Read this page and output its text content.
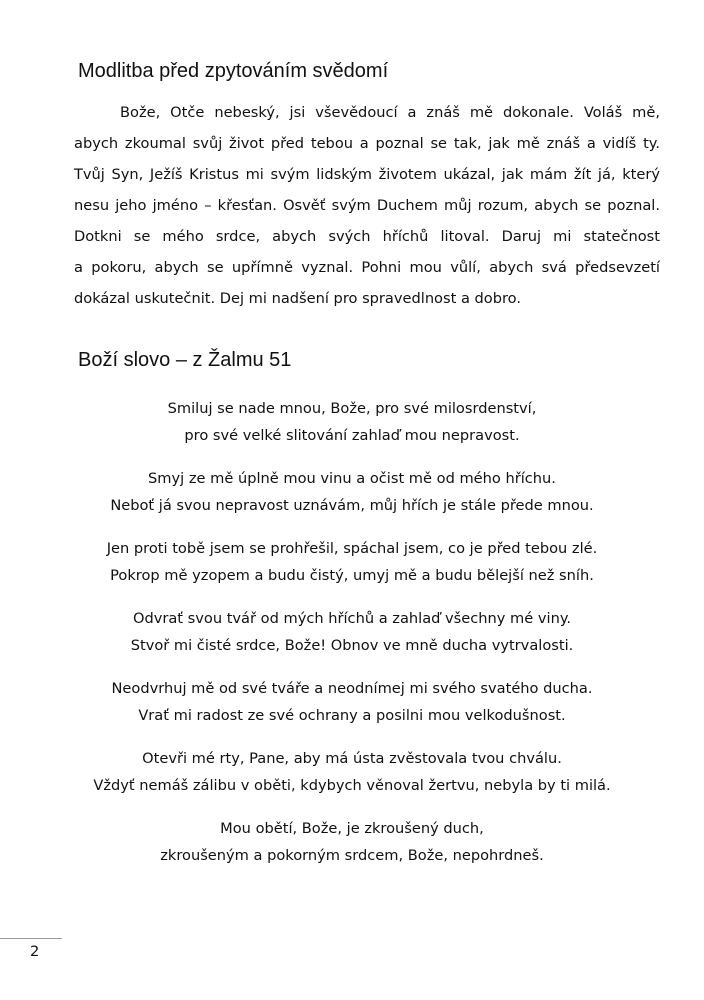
Modlitba před zpytováním svědomí
Bože, Otče nebeský, jsi vševědoucí a znáš mě dokonale. Voláš mě,
abych zkoumal svůj život před tebou a poznal se tak, jak mě znáš a vidíš ty.
Tvůj Syn, Ježíš Kristus mi svým lidským životem ukázal, jak mám žít já, který
nesu jeho jméno – křesťan. Osvěť svým Duchem můj rozum, abych se poznal.
Dotkni se mého srdce, abych svých hříchů litoval. Daruj mi statečnost
a pokoru, abych se upřímně vyznal. Pohni mou vůlí, abych svá předsevzetí
dokázal uskutečnit. Dej mi nadšení pro spravedlnost a dobro.
Boží slovo – z Žalmu 51
Smiluj se nade mnou, Bože, pro své milosrdenství,
pro své velké slitování zahlaď mou nepravost.
Smyj ze mě úplně mou vinu a očist mě od mého hříchu.
Neboť já svou nepravost uznávám, můj hřích je stále přede mnou.
Jen proti tobě jsem se prohřešil, spáchal jsem, co je před tebou zlé.
Pokrop mě yzopem a budu čistý, umyj mě a budu bělejší než sníh.
Odvrať svou tvář od mých hříchů a zahlaď všechny mé viny.
Stvoř mi čisté srdce, Bože! Obnov ve mně ducha vytrvalosti.
Neodvrhuj mě od své tváře a neodnímej mi svého svatého ducha.
Vrať mi radost ze své ochrany a posilni mou velkodušnost.
Otevři mé rty, Pane, aby má ústa zvěstovala tvou chválu.
Vždyť nemáš zálibu v oběti, kdybych věnoval žertvu, nebyla by ti milá.
Mou obětí, Bože, je zkroušený duch,
zkroušeným a pokorným srdcem, Bože, nepohrdneš.
2
